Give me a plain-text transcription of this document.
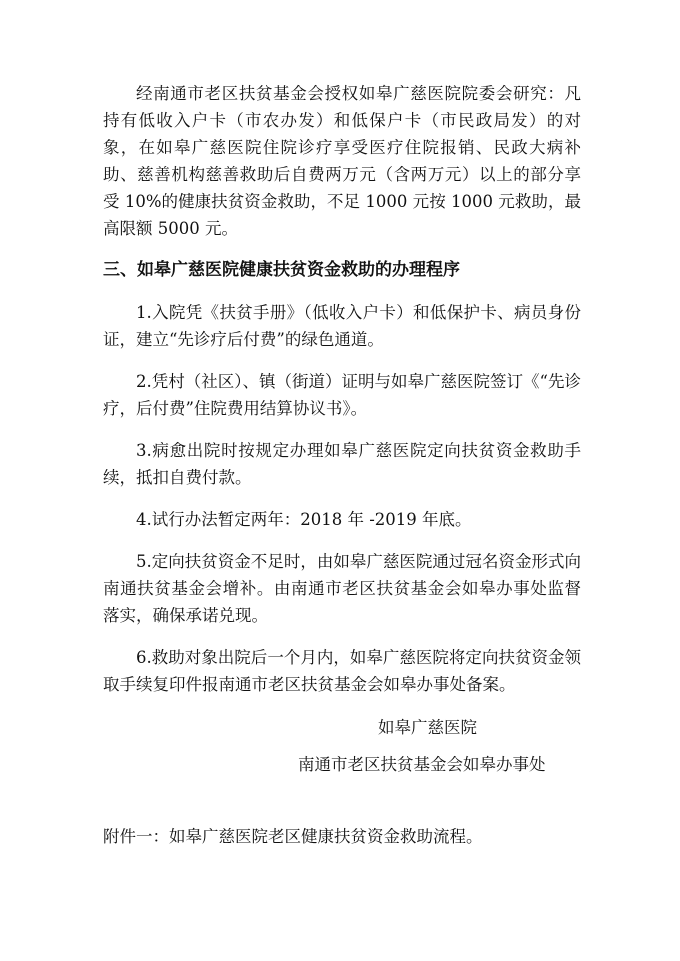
经南通市老区扶贫基金会授权如皋广慈医院院委会研究：凡持有低收入户卡（市农办发）和低保户卡（市民政局发）的对象，在如皋广慈医院住院诊疗享受医疗住院报销、民政大病补助、慈善机构慈善救助后自费两万元（含两万元）以上的部分享受 10%的健康扶贫资金救助，不足 1000 元按 1000 元救助，最高限额 5000 元。

三、如皋广慈医院健康扶贫资金救助的办理程序

1.入院凭《扶贫手册》（低收入户卡）和低保护卡、病员身份证，建立“先诊疗后付费”的绿色通道。

2.凭村（社区）、镇（街道）证明与如皋广慈医院签订《“先诊疗，后付费”住院费用结算协议书》。

3.病愈出院时按规定办理如皋广慈医院定向扶贫资金救助手续，抵扣自费付款。

4.试行办法暂定两年：2018 年 -2019 年底。

5.定向扶贫资金不足时，由如皋广慈医院通过冠名资金形式向南通扶贫基金会增补。由南通市老区扶贫基金会如皋办事处监督落实，确保承诺兑现。

6.救助对象出院后一个月内，如皋广慈医院将定向扶贫资金领取手续复印件报南通市老区扶贫基金会如皋办事处备案。

如皋广慈医院
南通市老区扶贫基金会如皋办事处
附件一：如皋广慈医院老区健康扶贫资金救助流程。
